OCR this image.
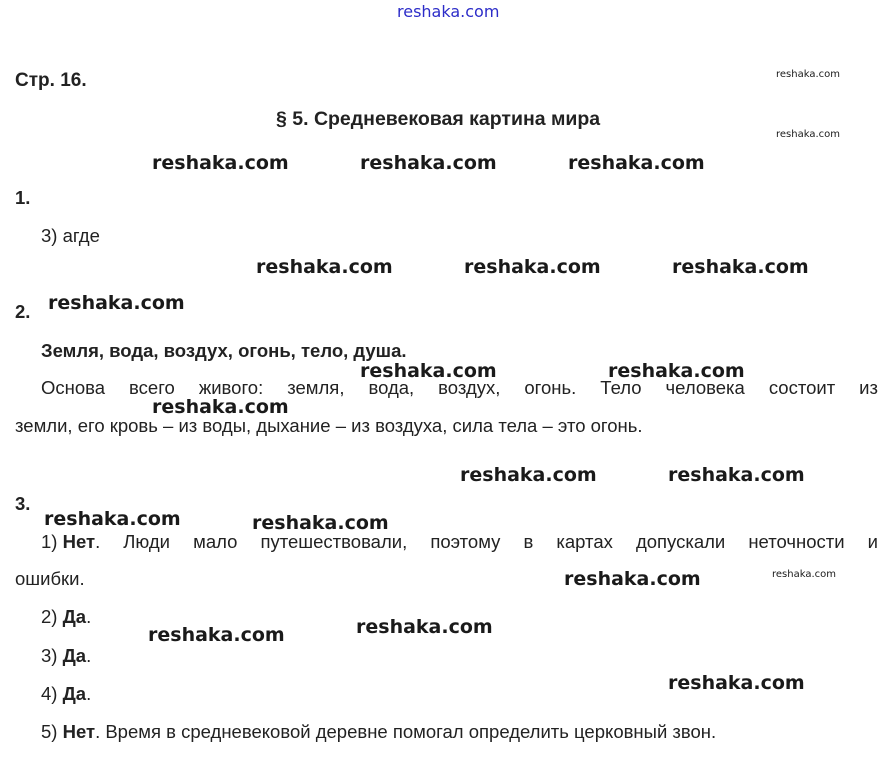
reshaka.com
reshaka.com
reshaka.com
reshaka.com	reshaka.com	reshaka.com
reshaka.com	reshaka.com	reshaka.com
reshaka.com
reshaka.com	reshaka.com
reshaka.com
reshaka.com	reshaka.com
reshaka.com	reshaka.com
reshaka.com	reshaka.com
reshaka.com	reshaka.com
reshaka.com
Стр. 16.
§ 5. Средневековая картина мира
1.
3) агде
2.
Земля, вода, воздух, огонь, тело, душа.
Основа всего живого: земля, вода, воздух, огонь. Тело человека состоит из
земли, его кровь – из воды, дыхание – из воздуха, сила тела – это огонь.
3.
1)
Нет . Люди мало путешествовали, поэтому в картах допускали неточности и
ошибки.
2) Да.
3) Да.
4) Да.
5) Нет. Время в средневековой деревне помогал определить церковный звон.
